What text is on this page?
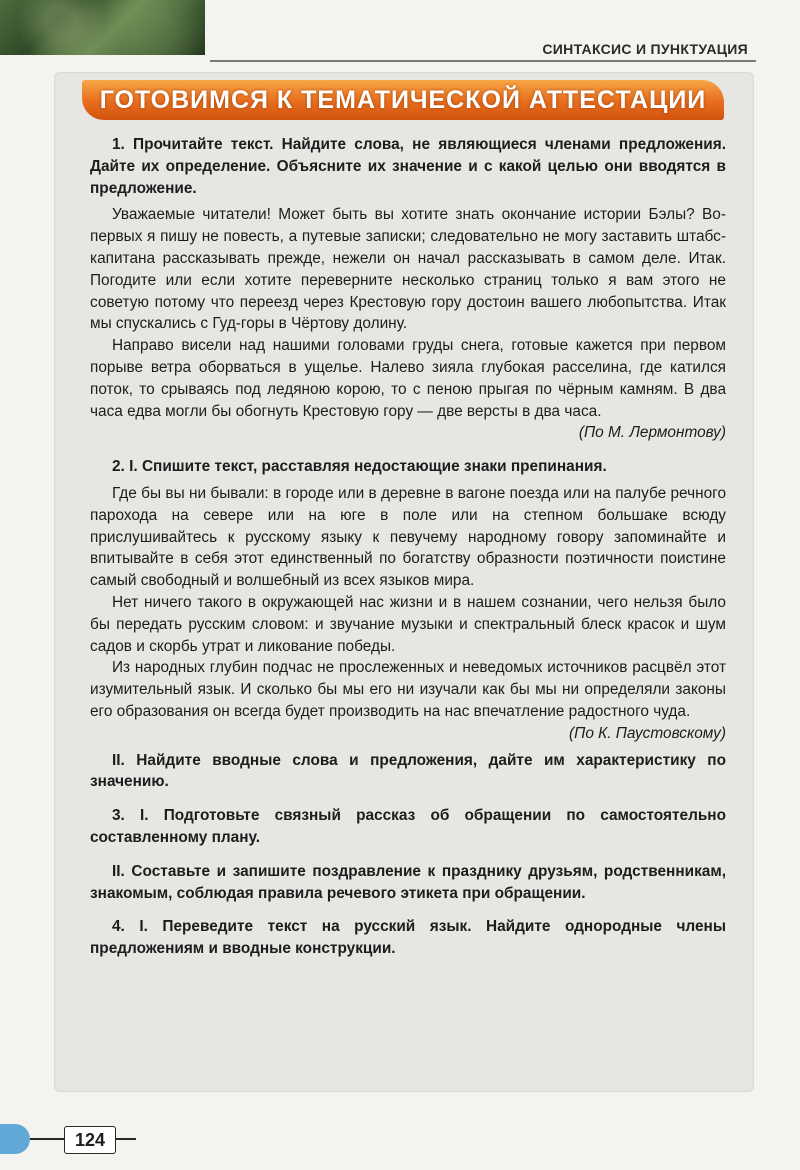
СИНТАКСИС И ПУНКТУАЦИЯ
ГОТОВИМСЯ К ТЕМАТИЧЕСКОЙ АТТЕСТАЦИИ

1. Прочитайте текст. Найдите слова, не являющиеся членами предложения. Дайте их определение. Объясните их значение и с какой целью они вводятся в предложение.

Уважаемые читатели! Может быть вы хотите знать окончание истории Бэлы? Во-первых я пишу не повесть, а путевые записки; следовательно не могу заставить штабс-капитана рассказывать прежде, нежели он начал рассказывать в самом деле. Итак. Погодите или если хотите переверните несколько страниц только я вам этого не советую потому что переезд через Крестовую гору достоин вашего любопытства. Итак мы спускались с Гуд-горы в Чёртову долину.

Направо висели над нашими головами груды снега, готовые кажется при первом порыве ветра оборваться в ущелье. Налево зияла глубокая расселина, где катился поток, то срываясь под ледяною корою, то с пеною прыгая по чёрным камням. В два часа едва могли бы обогнуть Крестовую гору — две версты в два часа.

(По М. Лермонтову)

2. I. Спишите текст, расставляя недостающие знаки препинания.

Где бы вы ни бывали: в городе или в деревне в вагоне поезда или на палубе речного парохода на севере или на юге в поле или на степном большаке всюду прислушивайтесь к русскому языку к певучему народному говору запоминайте и впитывайте в себя этот единственный по богатству образности поэтичности поистине самый свободный и волшебный из всех языков мира.

Нет ничего такого в окружающей нас жизни и в нашем сознании, чего нельзя было бы передать русским словом: и звучание музыки и спектральный блеск красок и шум садов и скорбь утрат и ликование победы.

Из народных глубин подчас не прослеженных и неведомых источников расцвёл этот изумительный язык. И сколько бы мы его ни изучали как бы мы ни определяли законы его образования он всегда будет производить на нас впечатление радостного чуда.

(По К. Паустовскому)

II. Найдите вводные слова и предложения, дайте им характеристику по значению.

3. I. Подготовьте связный рассказ об обращении по самостоятельно составленному плану.

II. Составьте и запишите поздравление к празднику друзьям, родственникам, знакомым, соблюдая правила речевого этикета при обращении.

4. I. Переведите текст на русский язык. Найдите однородные члены предложениям и вводные конструкции.

124
